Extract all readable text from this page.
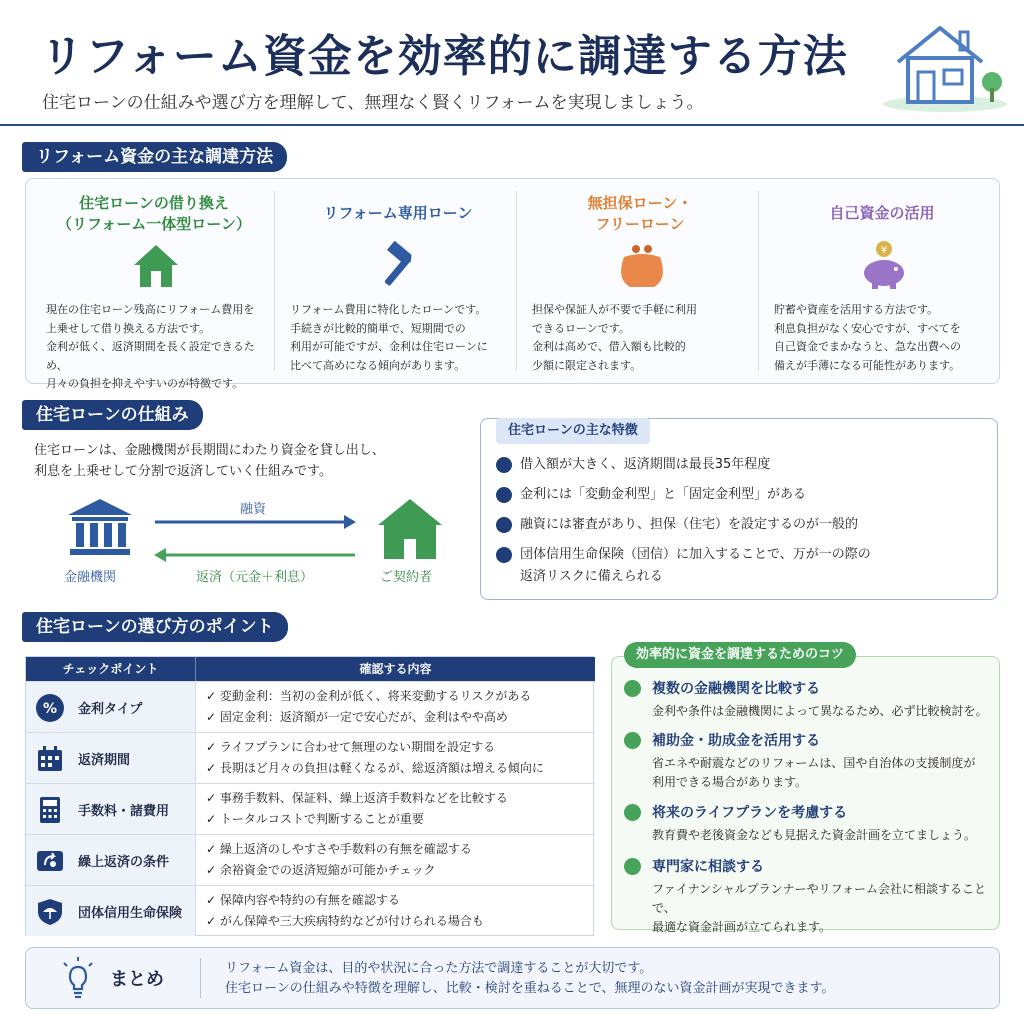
リフォーム資金を効率的に調達する方法
住宅ローンの仕組みや選び方を理解して、無理なく賢くリフォームを実現しましょう。
リフォーム資金の主な調達方法
住宅ローンの借り換え
（リフォーム一体型ローン）
現在の住宅ローン残高にリフォーム費用を
上乗せして借り換える方法です。
金利が低く、返済期間を長く設定できるため、
月々の負担を抑えやすいのが特徴です。
リフォーム専用ローン
リフォーム費用に特化したローンです。
手続きが比較的簡単で、短期間での
利用が可能ですが、金利は住宅ローンに
比べて高めになる傾向があります。
無担保ローン・
フリーローン
担保や保証人が不要で手軽に利用
できるローンです。
金利は高めで、借入額も比較的
少額に限定されます。
自己資金の活用
¥
貯蓄や資産を活用する方法です。
利息負担がなく安心ですが、すべてを
自己資金でまかなうと、急な出費への
備えが手薄になる可能性があります。
住宅ローンの仕組み
住宅ローンは、金融機関が長期間にわたり資金を貸し出し、
利息を上乗せして分割で返済していく仕組みです。
金融機関	ご契約者
融資
返済（元金＋利息）
住宅ローンの主な特徴
借入額が大きく、返済期間は最長35年程度
金利には「変動金利型」と「固定金利型」がある
融資には審査があり、担保（住宅）を設定するのが一般的
団体信用生命保険（団信）に加入することで、万が一の際の
返済リスクに備えられる
住宅ローンの選び方のポイント
チェックポイント	確認する内容
% 金利タイプ
✓ 変動金利：当初の金利が低く、将来変動するリスクがある
✓ 固定金利：返済額が一定で安心だが、金利はやや高め
返済期間
✓ ライフプランに合わせて無理のない期間を設定する
✓ 長期ほど月々の負担は軽くなるが、総返済額は増える傾向に
手数料・諸費用
✓ 事務手数料、保証料、繰上返済手数料などを比較する
✓ トータルコストで判断することが重要
繰上返済の条件
✓ 繰上返済のしやすさや手数料の有無を確認する
✓ 余裕資金での返済短縮が可能かチェック
団体信用生命保険
✓ 保障内容や特約の有無を確認する
✓ がん保障や三大疾病特約などが付けられる場合も
効率的に資金を調達するためのコツ
複数の金融機関を比較する
金利や条件は金融機関によって異なるため、必ず比較検討を。
補助金・助成金を活用する
省エネや耐震などのリフォームは、国や自治体の支援制度が
利用できる場合があります。
将来のライフプランを考慮する
教育費や老後資金なども見据えた資金計画を立てましょう。
専門家に相談する
ファイナンシャルプランナーやリフォーム会社に相談することで、
最適な資金計画が立てられます。
まとめ
リフォーム資金は、目的や状況に合った方法で調達することが大切です。
住宅ローンの仕組みや特徴を理解し、比較・検討を重ねることで、無理のない資金計画が実現できます。
